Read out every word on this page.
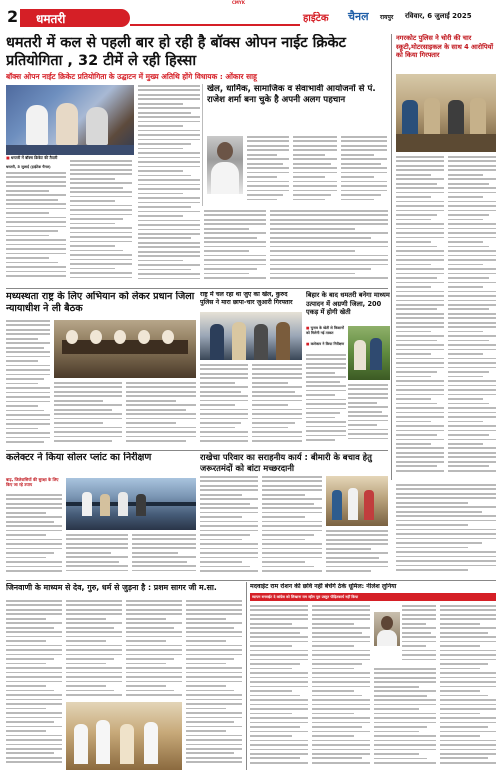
CMYK
2 धमतरी	हाईटेक चैनल रायपुर रविवार, 6 जुलाई 2025
धमतरी में कल से पहली बार हो रही है बॉक्स ओपन नाईट क्रिकेट प्रतियोगिता , 32 टीमें ले रही हिस्सा
बॉक्स ओपन नाईट क्रिकेट प्रतियोगिता के उद्घाटन में मुख्य अतिथि होंगे विधायक : ओंकार साहू
■ धमतरी में बॉक्स क्रिकेट की तैयारी
धमतरी, 5 जुलाई (हाईटेक चैनल)
खेल, धार्मिक, सामाजिक व सेवाभावी आयोजनों से पं. राजेश शर्मा बना चुके है अपनी अलग पहचान
नगरकोट पुलिस ने चोरी की चार स्कूटी,मोटरसाइकल के साथ 4 आरोपियों को किया गिरफ्तार
मध्यस्थता राष्ट्र के लिए अभियान को लेकर प्रधान जिला न्यायाधीश ने ली बैठक
राष्ट्र में चल रहा था जुए का खेल, कुरुद पुलिस ने मारा छापा-चार जुआरी गिरफ्तार
बिहार के बाद धमतरी बनेगा माध्यम उत्पादन में अग्रणी जिला, 200 एकड़ में होगी खेती
■ चुनाव के खेती से किसानों को मिलेगी नई ताकत
■ कलेक्टर ने किया निरीक्षण
कलेक्टर ने किया सोलर प्लांट का निरीक्षण
बाढ़, जिलेवासियों की सुरक्षा के लिए किए जा रहे उपाय
राखेचा परिवार का सराहनीय कार्य : बीमारी के बचाव हेतु जरूरतमंदों को बांटा मच्छरदानी
जिनवाणी के माध्यम से देव, गुरु, धर्म से जुड़ना है : प्रशम सागर जी म.सा.	मदवाईट राम रोशन की छवि नहीं बेचेंगे ठेके धूमिल: नीलेश लुनिया
व्यापम बनवाईट दे कांग्रेस को लिखाना राम रहीम पूरा प्रस्तुत पीड़ितकार्य नहीं किया
